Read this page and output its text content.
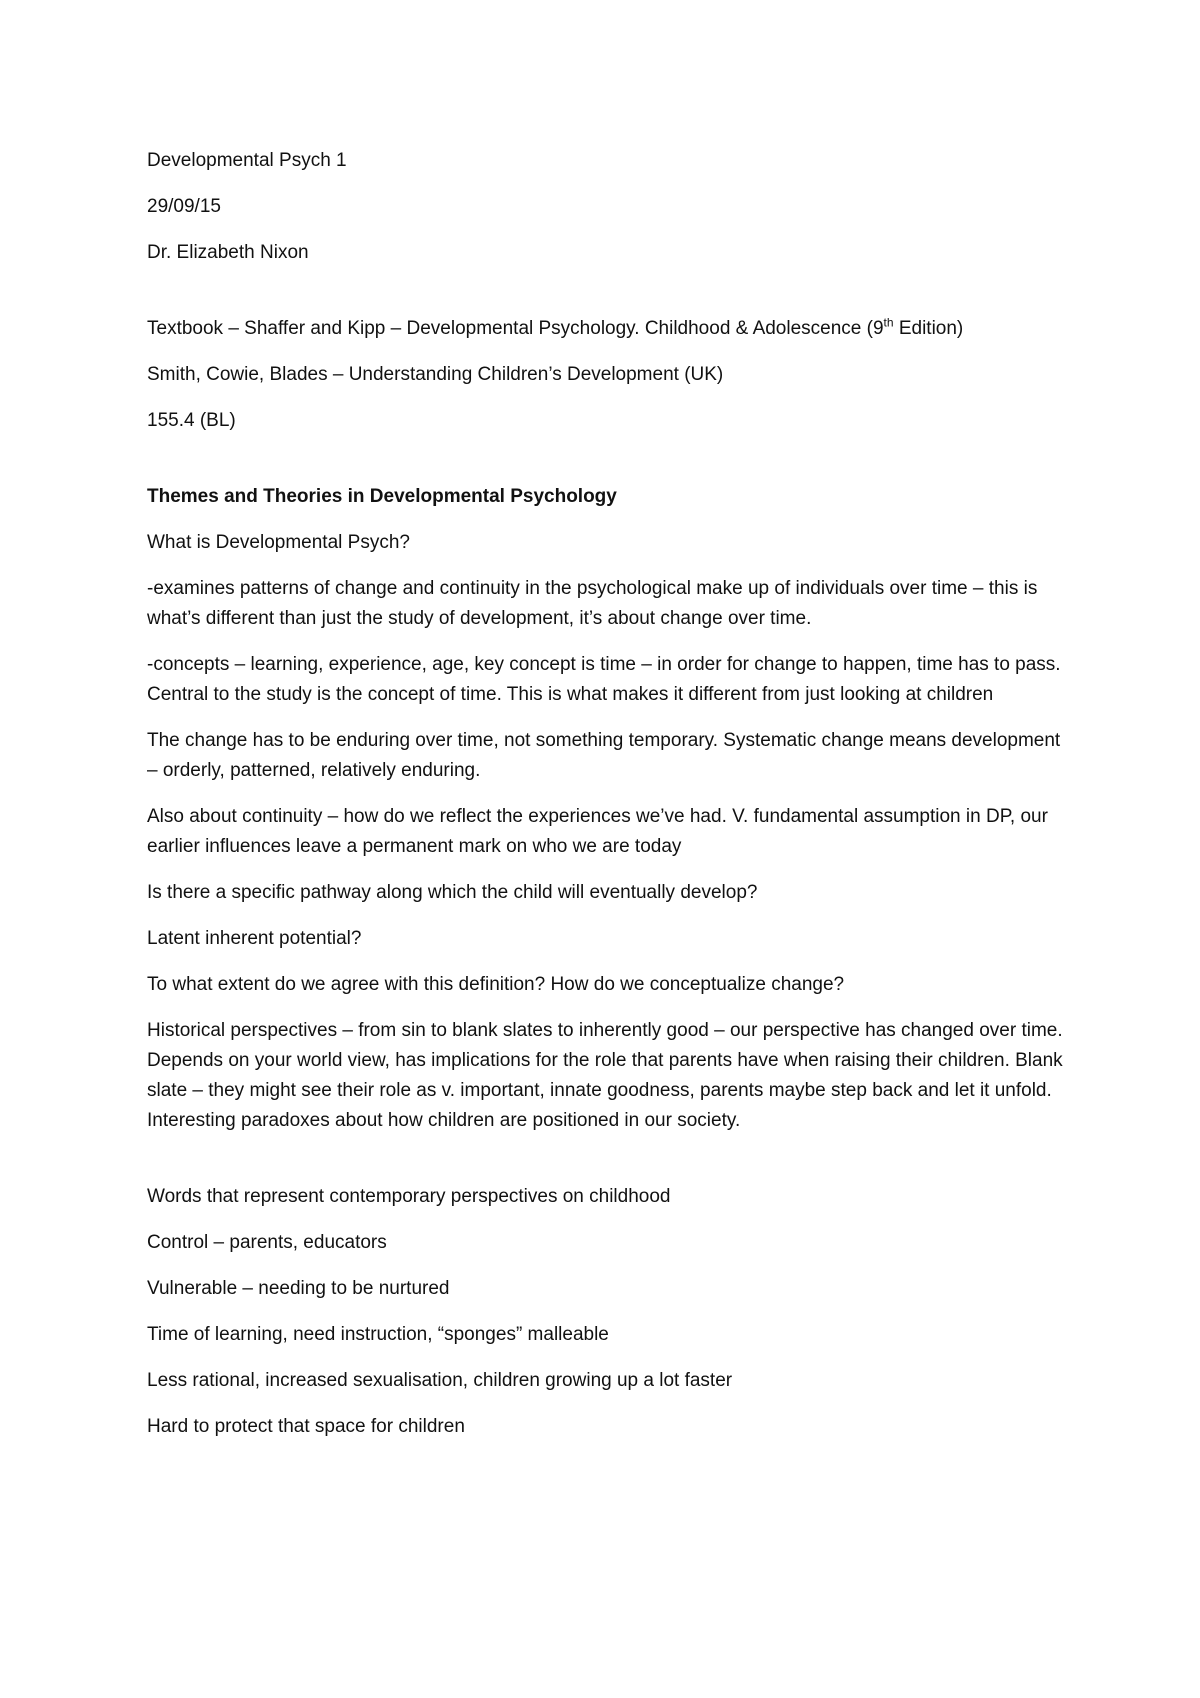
Developmental Psych 1

29/09/15

Dr. Elizabeth Nixon

Textbook – Shaffer and Kipp – Developmental Psychology. Childhood & Adolescence (9th Edition)

Smith, Cowie, Blades – Understanding Children’s Development (UK)

155.4 (BL)

Themes and Theories in Developmental Psychology

What is Developmental Psych?

-examines patterns of change and continuity in the psychological make up of individuals over time – this is what’s different than just the study of development, it’s about change over time.

-concepts – learning, experience, age, key concept is time – in order for change to happen, time has to pass. Central to the study is the concept of time. This is what makes it different from just looking at children

The change has to be enduring over time, not something temporary. Systematic change means development – orderly, patterned, relatively enduring.

Also about continuity – how do we reflect the experiences we’ve had. V. fundamental assumption in DP, our earlier influences leave a permanent mark on who we are today

Is there a specific pathway along which the child will eventually develop?

Latent inherent potential?

To what extent do we agree with this definition? How do we conceptualize change?

Historical perspectives – from sin to blank slates to inherently good – our perspective has changed over time. Depends on your world view, has implications for the role that parents have when raising their children. Blank slate – they might see their role as v. important, innate goodness, parents maybe step back and let it unfold. Interesting paradoxes about how children are positioned in our society.

Words that represent contemporary perspectives on childhood

Control – parents, educators

Vulnerable – needing to be nurtured

Time of learning, need instruction, “sponges” malleable

Less rational, increased sexualisation, children growing up a lot faster

Hard to protect that space for children
